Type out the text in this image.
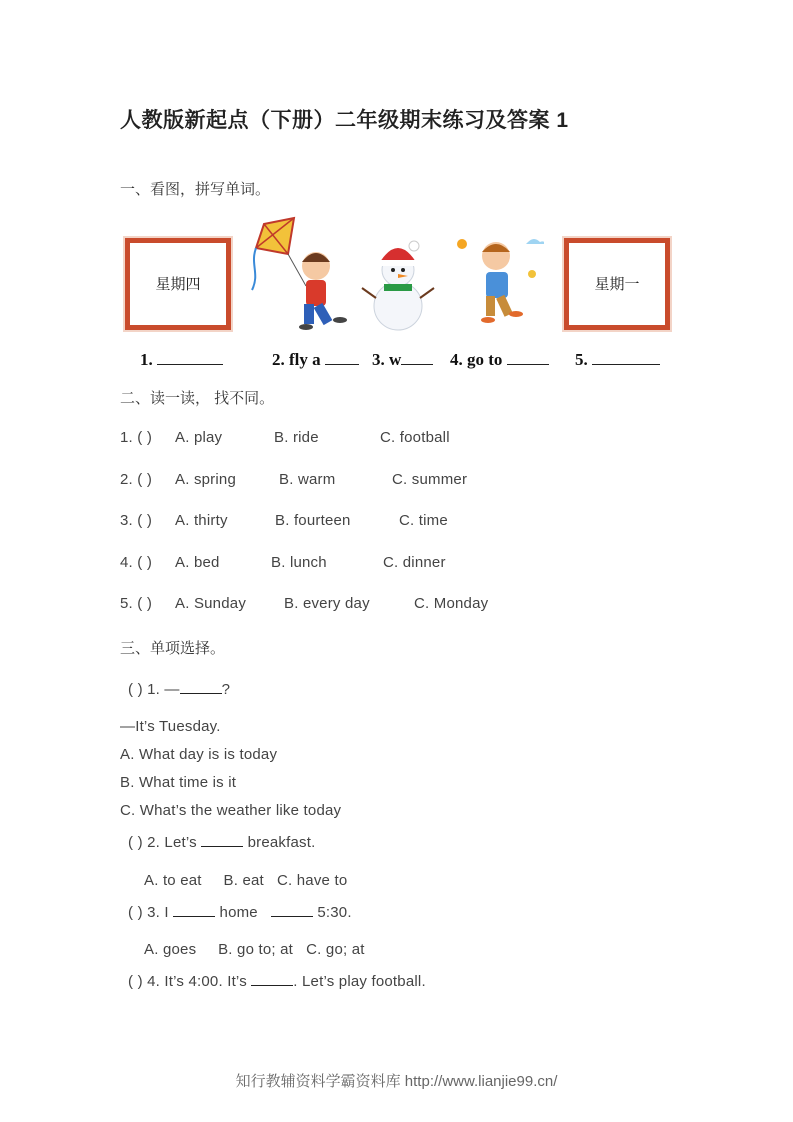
人教版新起点（下册）二年级期末练习及答案 1
一、看图，拼写单词。
星期四	星期一
1.	2. fly a	3. w	4. go to	5.
二、读一读， 找不同。
1. ( ) A. play	B. ride	C. football
2. ( ) A. spring	B. warm	C. summer
3. ( ) A. thirty	B. fourteen	C. time
4. ( ) A. bed	B. lunch	C. dinner
5. ( ) A. Sunday	B. every day	C. Monday
三、单项选择。
( ) 1. —	?
—It’s Tuesday.
A. What day is is today
B. What time is it
C. What’s the weather like today
( ) 2. Let’s	breakfast.
A. to eat     B. eat   C. have to
( ) 3. I	home	5:30.
A. goes     B. go to; at   C. go; at
( ) 4. It’s 4:00. It’s	. Let’s play football.
知行教辅资料学霸资料库 http://www.lianjie99.cn/
